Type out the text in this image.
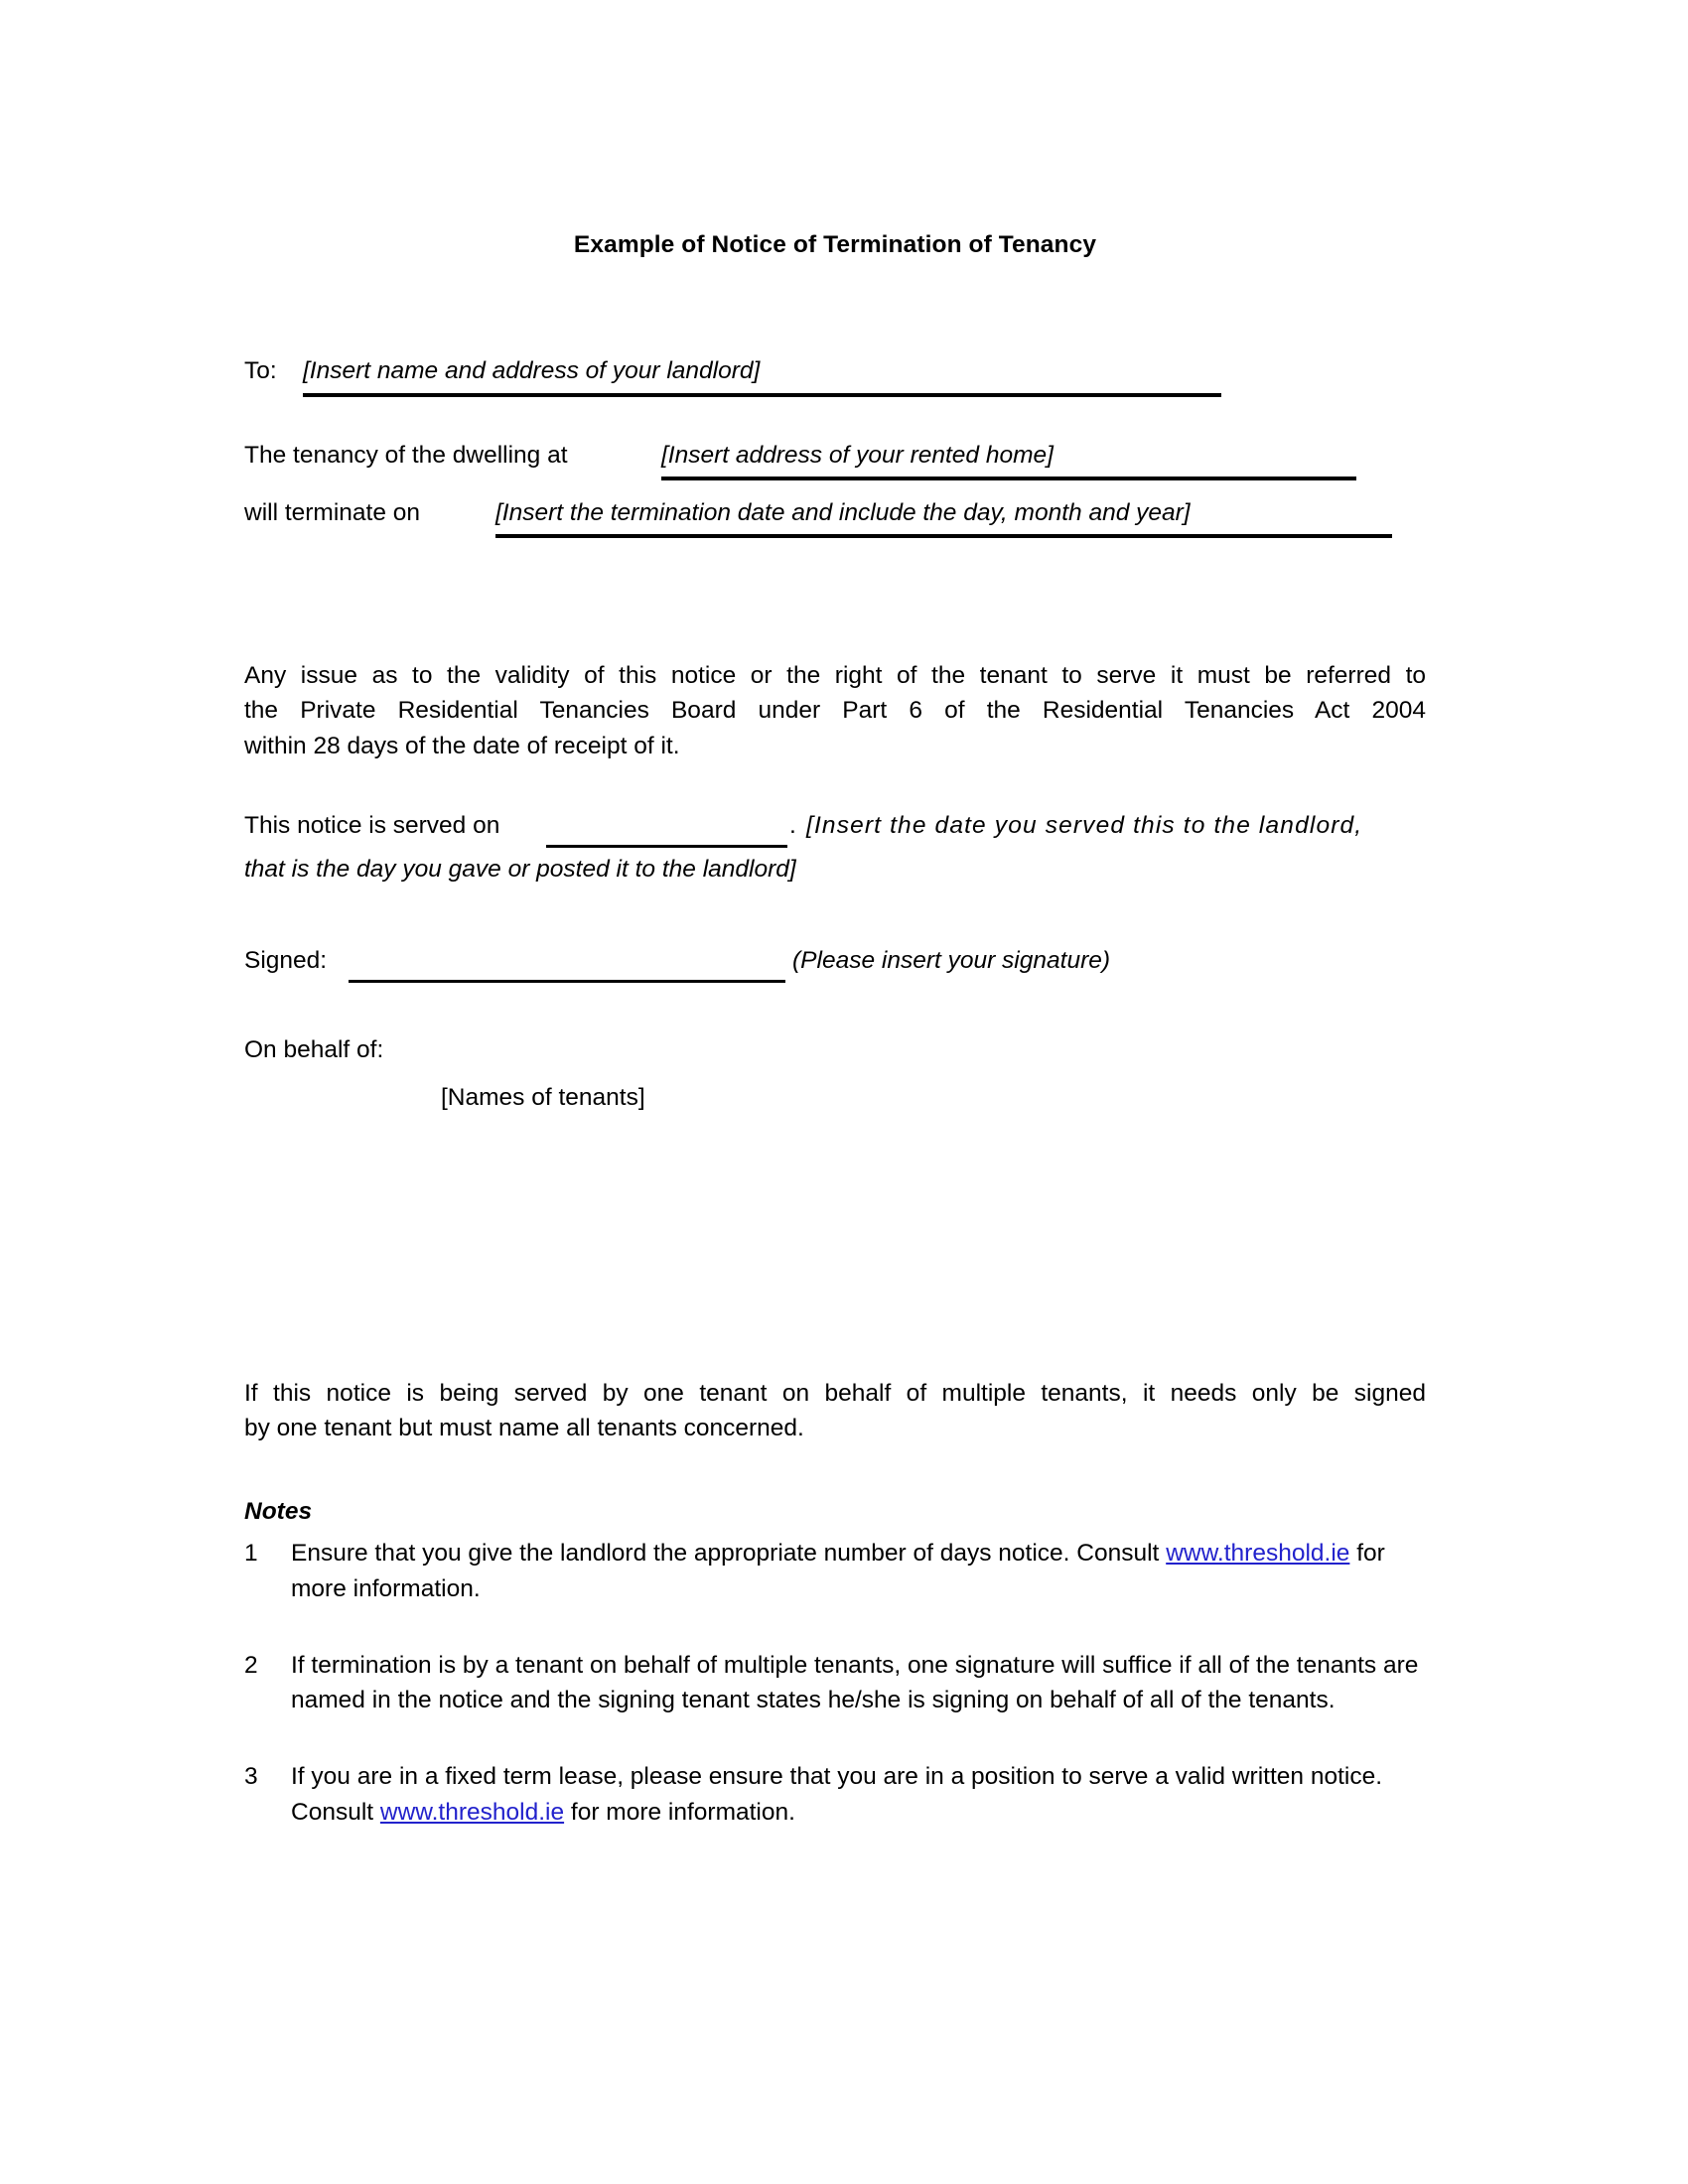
Example of Notice of Termination of Tenancy
To: [Insert name and address of your landlord]
The tenancy of the dwelling at	[Insert address of your rented home]
will terminate on	[Insert the termination date and include the day, month and year]
Any issue as to the validity of this notice or the right of the tenant to serve it must be referred to
the Private Residential Tenancies Board under Part 6 of the Residential Tenancies Act 2004
within 28 days of the date of receipt of it.
This notice is served on	. [Insert the date you served this to the landlord,
that is the day you gave or posted it to the landlord]
Signed:	(Please insert your signature)
On behalf of:
[Names of tenants]
If this notice is being served by one tenant on behalf of multiple tenants, it needs only be signed
by one tenant but must name all tenants concerned.
Notes
1 Ensure that you give the landlord the appropriate number of days notice. Consult www.threshold.ie for more information.
2 If termination is by a tenant on behalf of multiple tenants, one signature will suffice if all of the tenants are named in the notice and the signing tenant states he/she is signing on behalf of all of the tenants.
3 If you are in a fixed term lease, please ensure that you are in a position to serve a valid written notice. Consult www.threshold.ie for more information.
